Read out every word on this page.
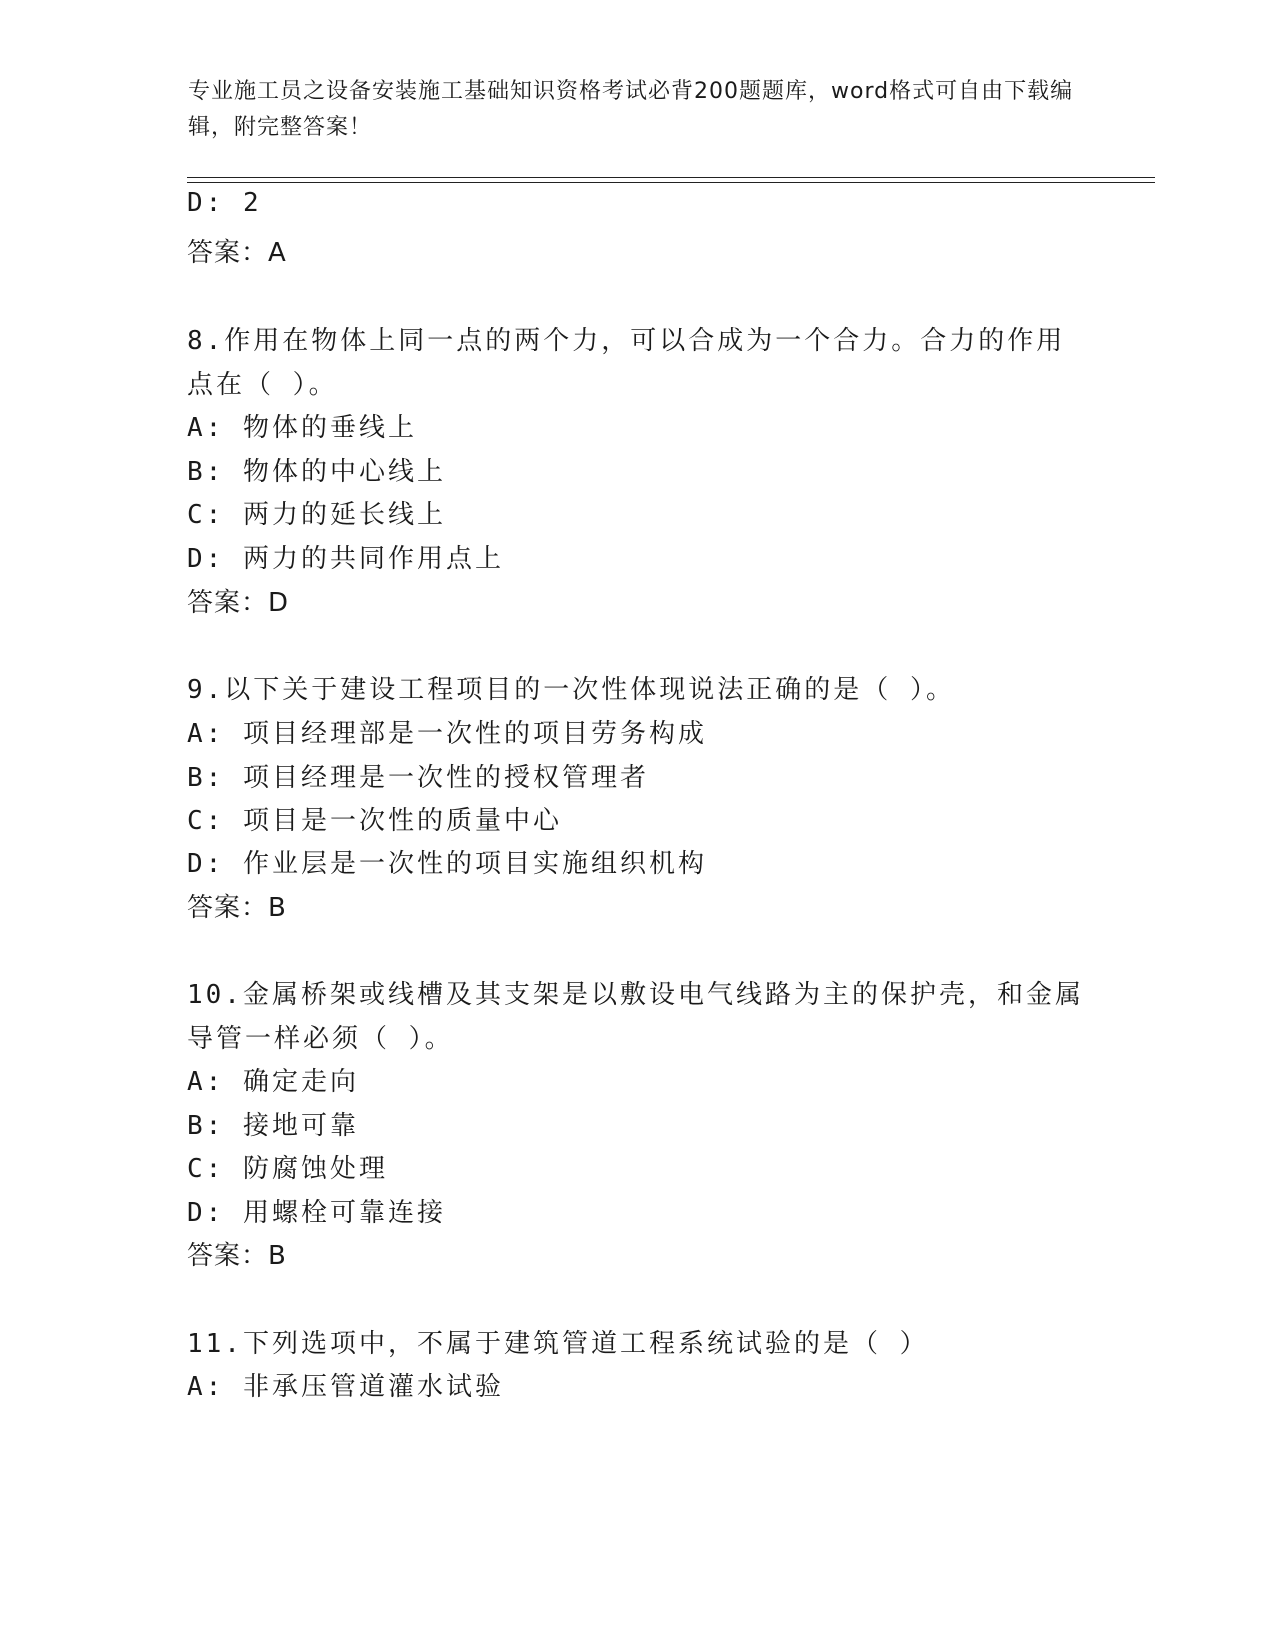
专业施工员之设备安装施工基础知识资格考试必背200题题库，word格式可自由下载编辑，附完整答案！
D: 2
答案：A
8.作用在物体上同一点的两个力，可以合成为一个合力。合力的作用
点在（ ）。
A: 物体的垂线上
B: 物体的中心线上
C: 两力的延长线上
D: 两力的共同作用点上
答案：D
9.以下关于建设工程项目的一次性体现说法正确的是（ ）。
A: 项目经理部是一次性的项目劳务构成
B: 项目经理是一次性的授权管理者
C: 项目是一次性的质量中心
D: 作业层是一次性的项目实施组织机构
答案：B
10.金属桥架或线槽及其支架是以敷设电气线路为主的保护壳，和金属
导管一样必须（ ）。
A: 确定走向
B: 接地可靠
C: 防腐蚀处理
D: 用螺栓可靠连接
答案：B
11.下列选项中，不属于建筑管道工程系统试验的是（ ）
A: 非承压管道灌水试验
